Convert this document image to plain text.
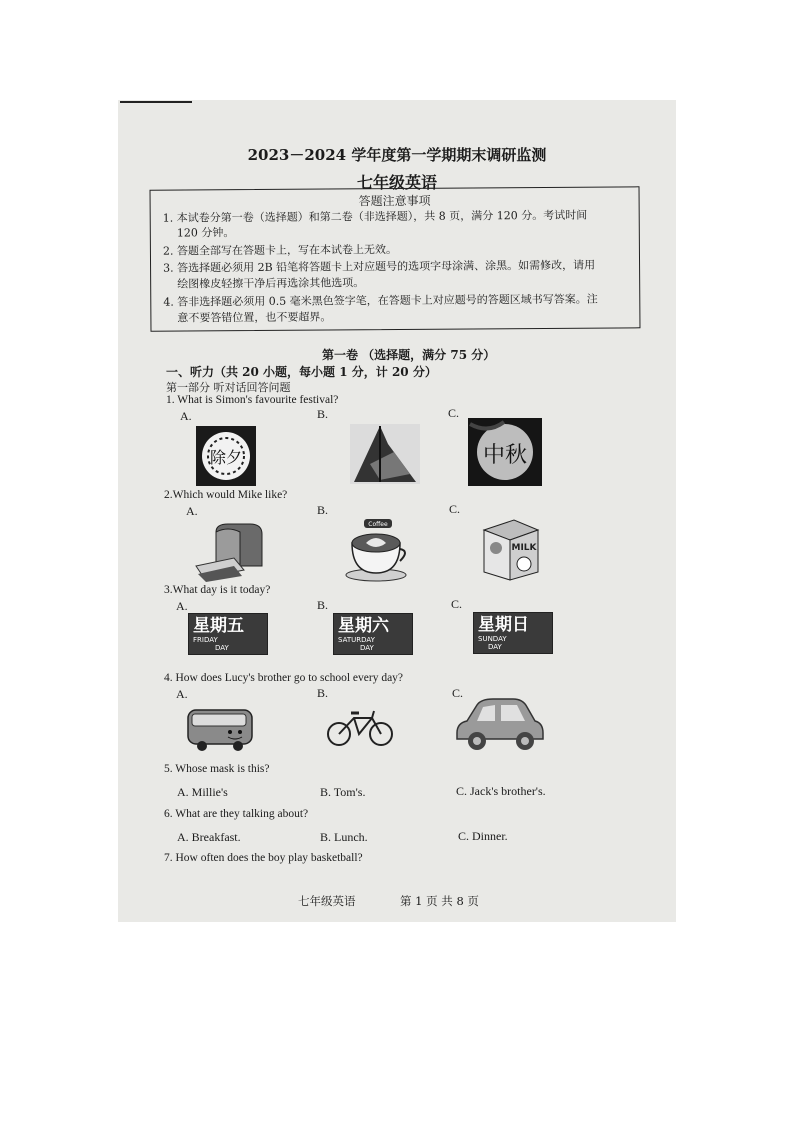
2023－2024 学年度第一学期期末调研监测
七年级英语
答题注意事项
1. 本试卷分第一卷（选择题）和第二卷（非选择题），共 8 页，满分 120 分。考试时间
120 分钟。
2. 答题全部写在答题卡上，写在本试卷上无效。
3. 答选择题必须用 2B 铅笔将答题卡上对应题号的选项字母涂满、涂黑。如需修改，请用
绘图橡皮轻擦干净后再选涂其他选项。
4. 答非选择题必须用 0.5 毫米黑色签字笔，在答题卡上对应题号的答题区域书写答案。注
意不要答错位置，也不要超界。
第一卷 （选择题，满分 75 分）
一、听力（共 20 小题，每小题 1 分，计 20 分）
第一部分 听对话回答问题
1. What is Simon's favourite festival?
A.	B.	C.
除夕	中秋
2.Which would Mike like?
A.	B.	C.
Coffee
MILK
3.What day is it today?
A.	B.	C.
星期五
FRIDAY
DAY
星期六
SATURDAY
DAY
星期日
SUNDAY
DAY
4. How does Lucy's brother go to school every day?
A.	B.	C.
5. Whose mask is this?
A. Millie's	B. Tom's.	C. Jack's brother's.
6. What are they talking about?
A. Breakfast.	B. Lunch.	C. Dinner.
7. How often does the boy play basketball?
七年级英语	第 1 页 共 8 页
